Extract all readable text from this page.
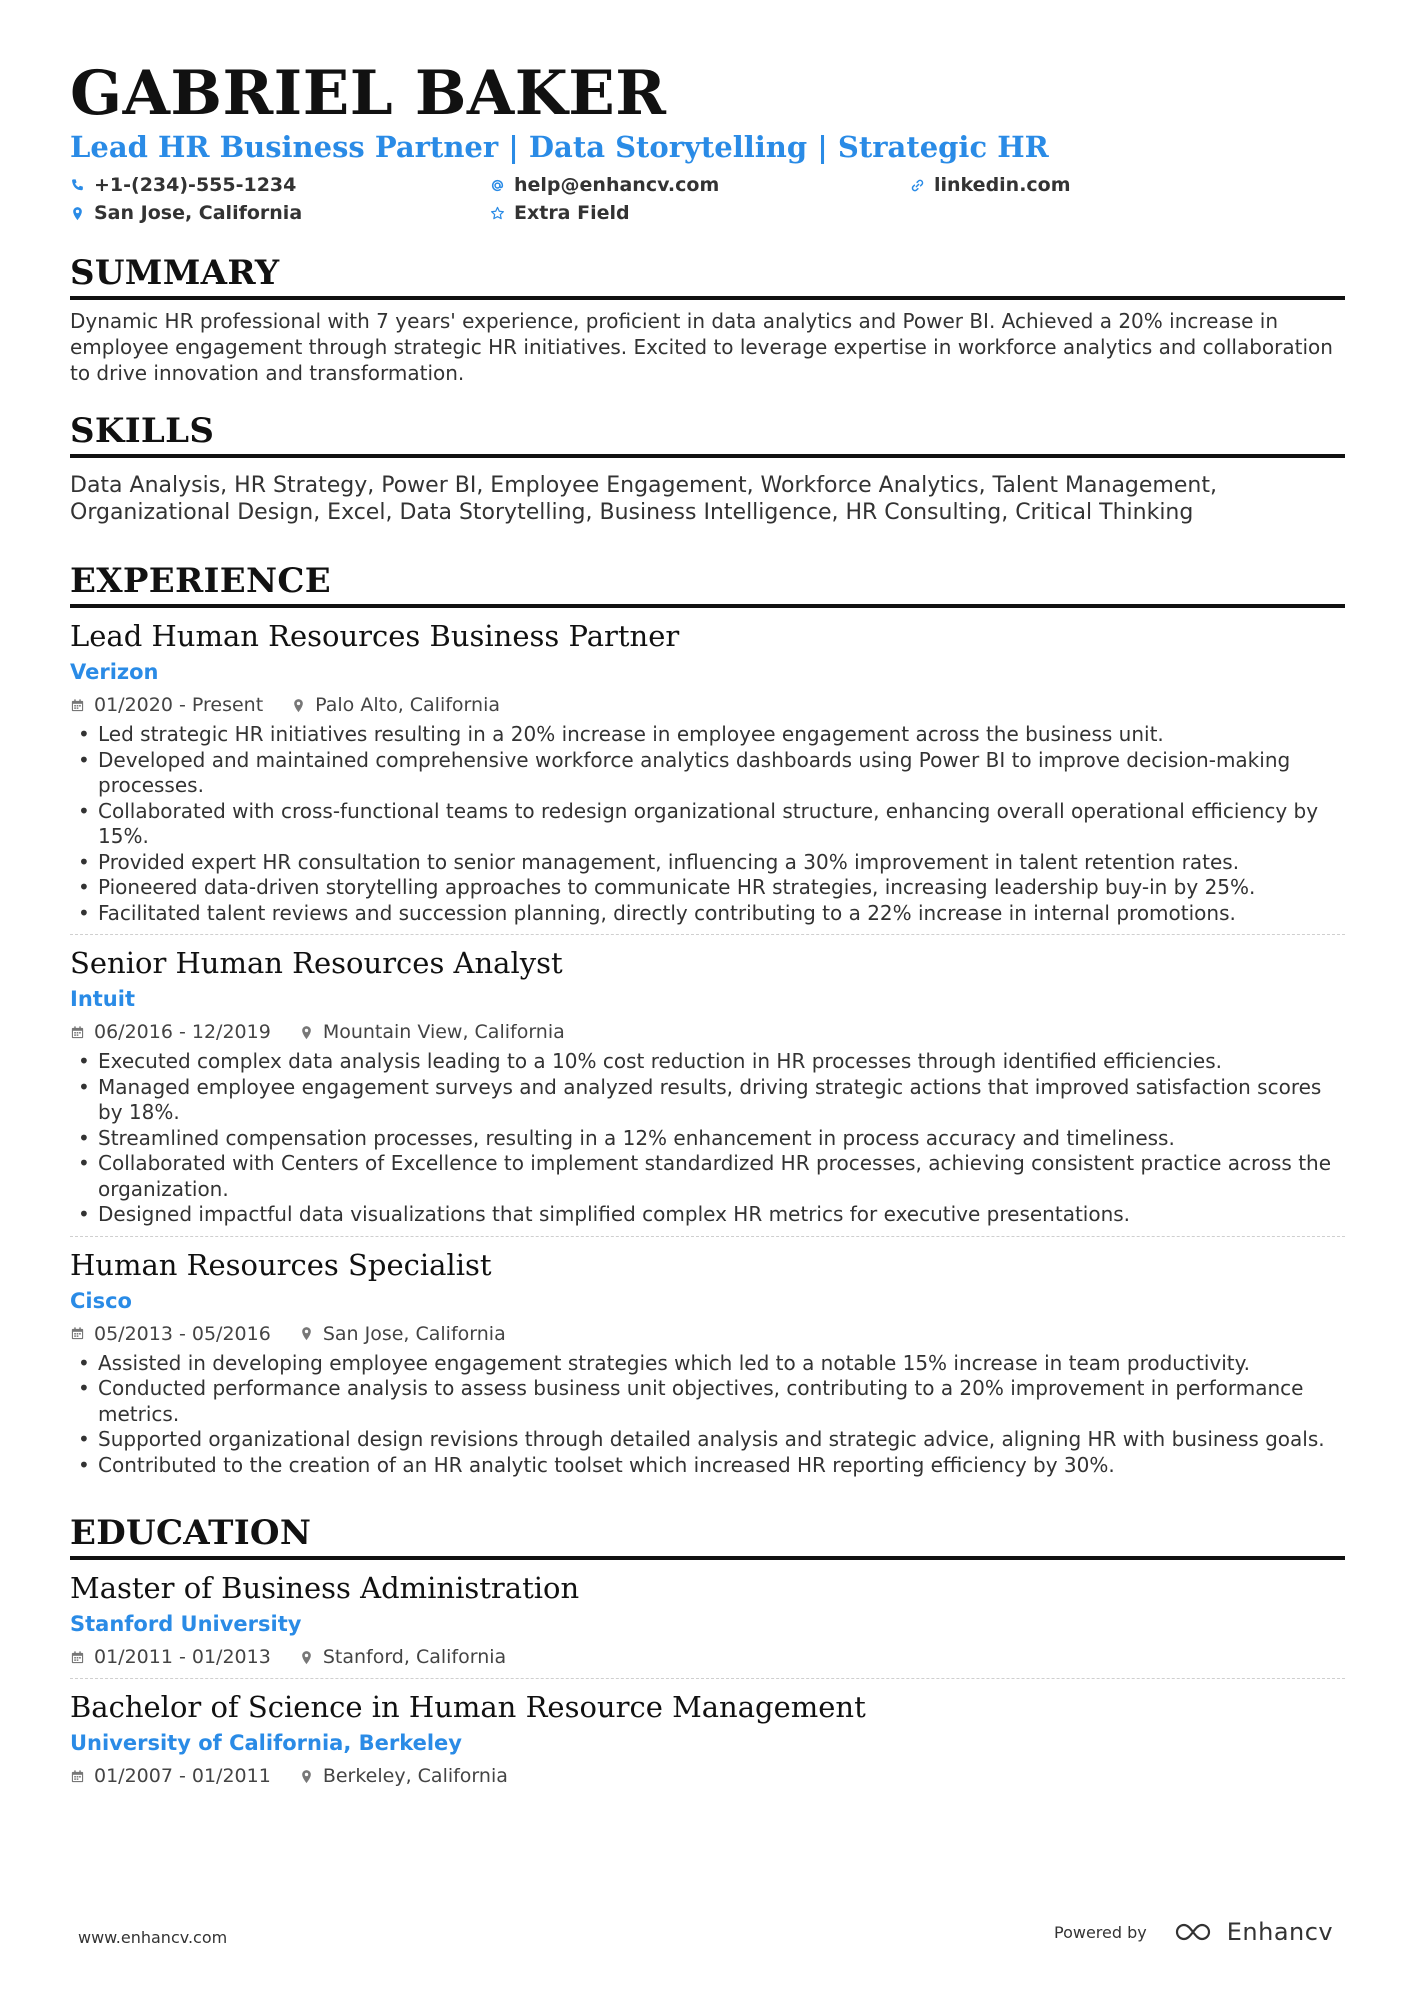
GABRIEL BAKER
Lead HR Business Partner | Data Storytelling | Strategic HR
+1-(234)-555-1234	help@enhancv.com	linkedin.com
San Jose, California	Extra Field
SUMMARY
Dynamic HR professional with 7 years' experience, proficient in data analytics and Power BI. Achieved a 20% increase in employee engagement through strategic HR initiatives. Excited to leverage expertise in workforce analytics and collaboration to drive innovation and transformation.
SKILLS
Data Analysis, HR Strategy, Power BI, Employee Engagement, Workforce Analytics, Talent Management, Organizational Design, Excel, Data Storytelling, Business Intelligence, HR Consulting, Critical Thinking
EXPERIENCE
Lead Human Resources Business Partner
Verizon
01/2020 - Present	Palo Alto, California
• Led strategic HR initiatives resulting in a 20% increase in employee engagement across the business unit.
• Developed and maintained comprehensive workforce analytics dashboards using Power BI to improve decision-making processes.
• Collaborated with cross-functional teams to redesign organizational structure, enhancing overall operational efficiency by 15%.
• Provided expert HR consultation to senior management, influencing a 30% improvement in talent retention rates.
• Pioneered data-driven storytelling approaches to communicate HR strategies, increasing leadership buy-in by 25%.
• Facilitated talent reviews and succession planning, directly contributing to a 22% increase in internal promotions.
Senior Human Resources Analyst
Intuit
06/2016 - 12/2019	Mountain View, California
• Executed complex data analysis leading to a 10% cost reduction in HR processes through identified efficiencies.
• Managed employee engagement surveys and analyzed results, driving strategic actions that improved satisfaction scores by 18%.
• Streamlined compensation processes, resulting in a 12% enhancement in process accuracy and timeliness.
• Collaborated with Centers of Excellence to implement standardized HR processes, achieving consistent practice across the organization.
• Designed impactful data visualizations that simplified complex HR metrics for executive presentations.
Human Resources Specialist
Cisco
05/2013 - 05/2016	San Jose, California
• Assisted in developing employee engagement strategies which led to a notable 15% increase in team productivity.
• Conducted performance analysis to assess business unit objectives, contributing to a 20% improvement in performance metrics.
• Supported organizational design revisions through detailed analysis and strategic advice, aligning HR with business goals.
• Contributed to the creation of an HR analytic toolset which increased HR reporting efficiency by 30%.
EDUCATION
Master of Business Administration
Stanford University
01/2011 - 01/2013	Stanford, California
Bachelor of Science in Human Resource Management
University of California, Berkeley
01/2007 - 01/2011	Berkeley, California
www.enhancv.com	Powered by	Enhancv
